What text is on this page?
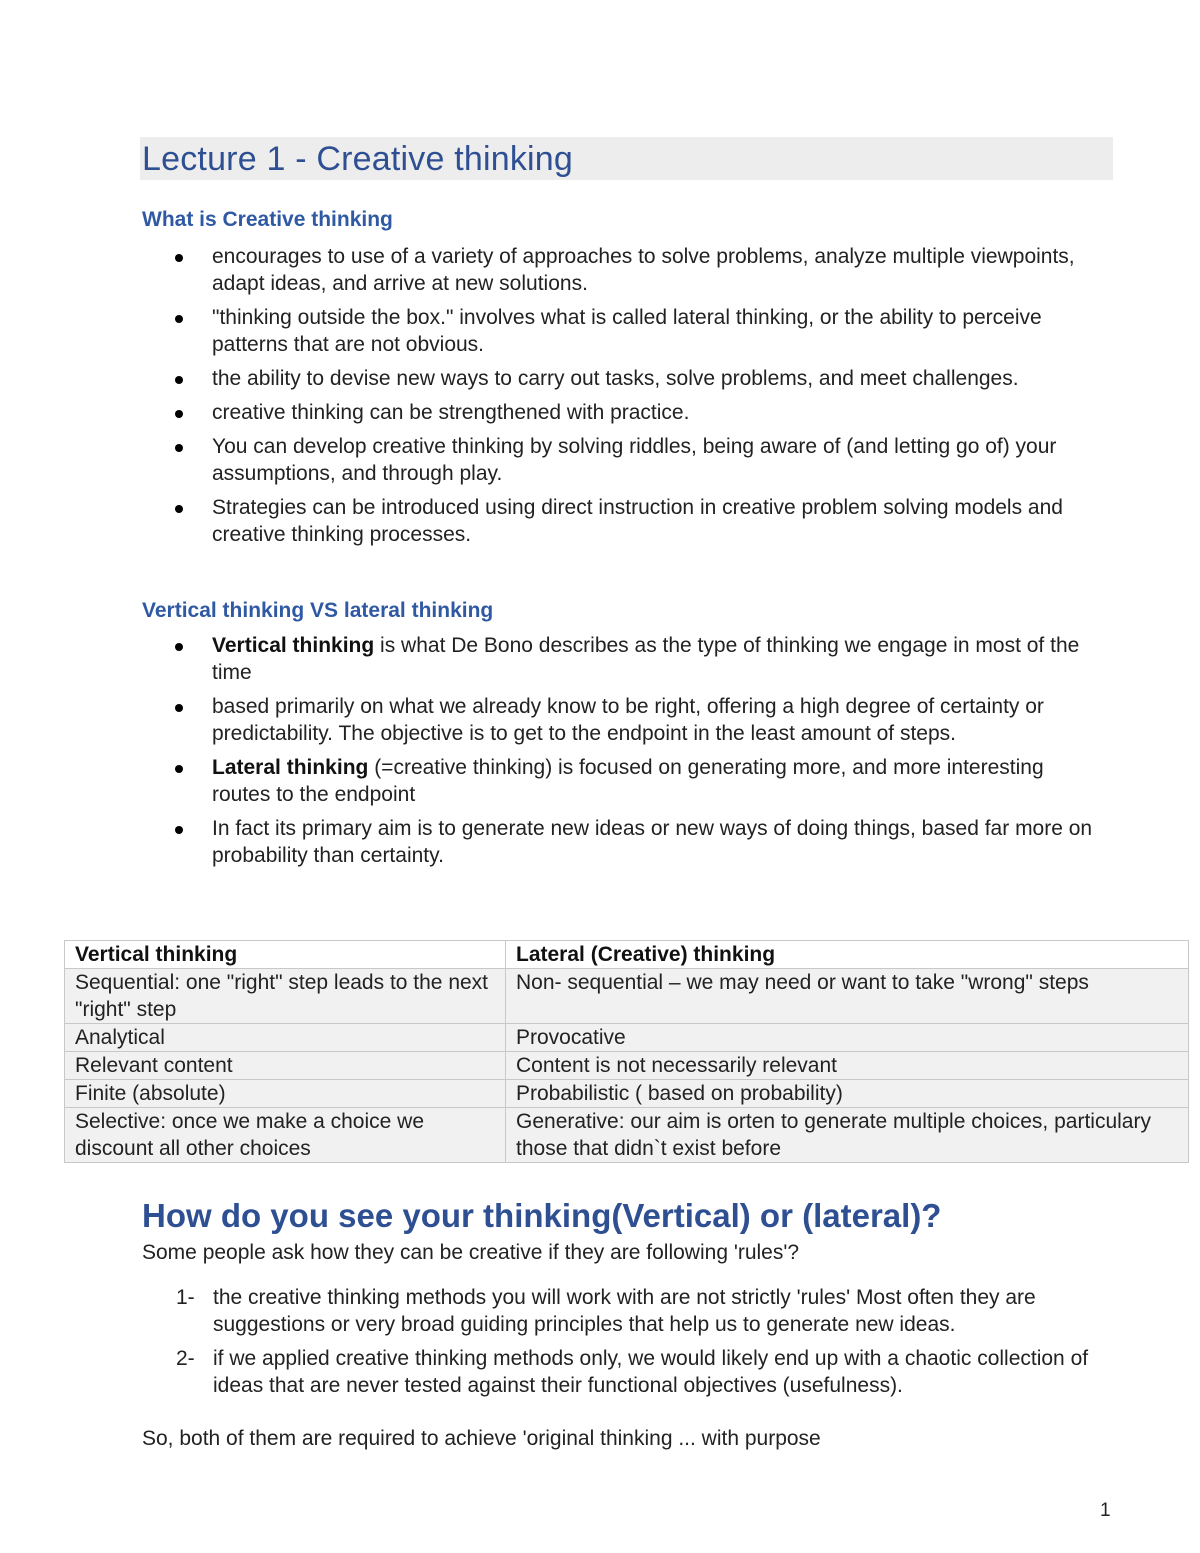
Lecture 1 - Creative thinking
What is Creative thinking
encourages to use of a variety of approaches to solve problems, analyze multiple viewpoints, adapt ideas, and arrive at new solutions.
"thinking outside the box." involves what is called lateral thinking, or the ability to perceive patterns that are not obvious.
the ability to devise new ways to carry out tasks, solve problems, and meet challenges.
creative thinking can be strengthened with practice.
You can develop creative thinking by solving riddles, being aware of (and letting go of) your assumptions, and through play.
Strategies can be introduced using direct instruction in creative problem solving models and creative thinking processes.
Vertical thinking VS lateral thinking
Vertical thinking is what De Bono describes as the type of thinking we engage in most of the time
based primarily on what we already know to be right, offering a high degree of certainty or predictability. The objective is to get to the endpoint in the least amount of steps.
Lateral thinking (=creative thinking) is focused on generating more, and more interesting routes to the endpoint
In fact its primary aim is to generate new ideas or new ways of doing things, based far more on probability than certainty.
Vertical thinking	Lateral (Creative) thinking
Sequential: one "right" step leads to the next "right" step	Non- sequential – we may need or want to take "wrong" steps
Analytical	Provocative
Relevant content	Content is not necessarily relevant
Finite (absolute)	Probabilistic ( based on probability)
Selective: once we make a choice we discount all other choices	Generative: our aim is orten to generate multiple choices, particulary those that didn`t exist before
How do you see your thinking(Vertical) or (lateral)?

Some people ask how they can be creative if they are following 'rules'?

1- the creative thinking methods you will work with are not strictly 'rules' Most often they are suggestions or very broad guiding principles that help us to generate new ideas.
2- if we applied creative thinking methods only, we would likely end up with a chaotic collection of ideas that are never tested against their functional objectives (usefulness).

So, both of them are required to achieve 'original thinking ... with purpose

1
